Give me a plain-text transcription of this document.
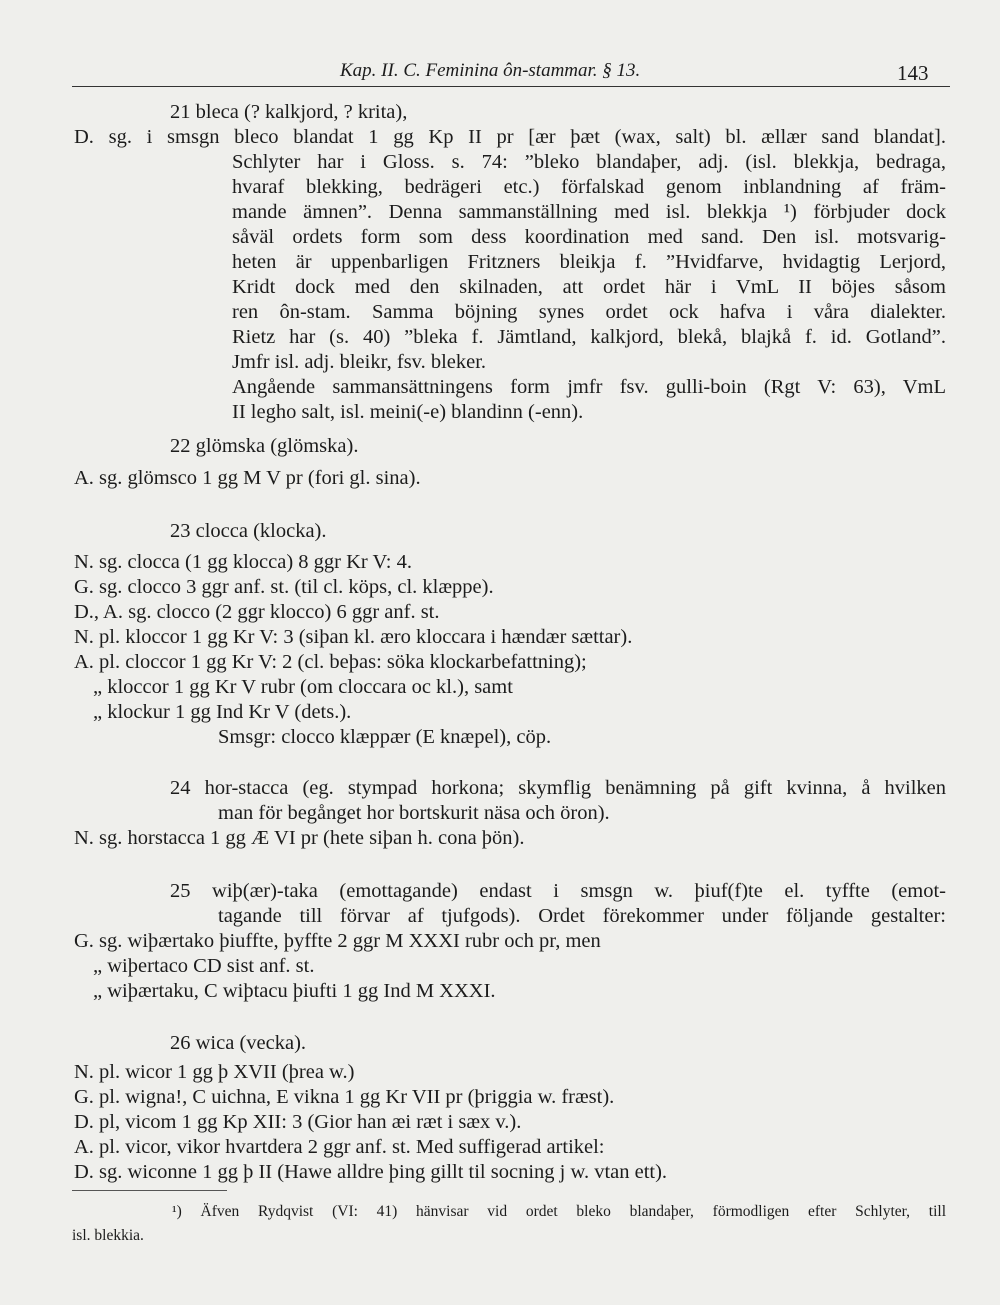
Kap. II. C. Feminina ôn-stammar. § 13.	143
21 bleca (? kalkjord, ? krita),
D. sg. i smsgn bleco blandat 1 gg Kp II pr [ær þæt (wax, salt) bl. ællær sand blandat].
Schlyter har i Gloss. s. 74: ”bleko blandaþer, adj. (isl. blekkja, bedraga,
hvaraf blekking, bedrägeri etc.) förfalskad genom inblandning af främ-
mande ämnen”. Denna sammanställning med isl. blekkja ¹) förbjuder dock
såväl ordets form som dess koordination med sand. Den isl. motsvarig-
heten är uppenbarligen Fritzners bleikja f. ”Hvidfarve, hvidagtig Lerjord,
Kridt dock med den skilnaden, att ordet här i VmL II böjes såsom
ren ôn-stam. Samma böjning synes ordet ock hafva i våra dialekter.
Rietz har (s. 40) ”bleka f. Jämtland, kalkjord, blekå, blajkå f. id. Gotland”.
Jmfr isl. adj. bleikr, fsv. bleker.
Angående sammansättningens form jmfr fsv. gulli-boin (Rgt V: 63), VmL
II legho salt, isl. meini(-e) blandinn (-enn).
22 glömska (glömska).
A. sg. glömsco 1 gg M V pr (fori gl. sina).
23 clocca (klocka).
N. sg. clocca (1 gg klocca) 8 ggr Kr V: 4.
G. sg. clocco 3 ggr anf. st. (til cl. köps, cl. klæppe).
D., A. sg. clocco (2 ggr klocco) 6 ggr anf. st.
N. pl. kloccor 1 gg Kr V: 3 (siþan kl. æro kloccara i hændær sættar).
A. pl. cloccor 1 gg Kr V: 2 (cl. beþas: söka klockarbefattning);
„ kloccor 1 gg Kr V rubr (om cloccara oc kl.), samt
„ klockur 1 gg Ind Kr V (dets.).
Smsgr: clocco klæppær (E knæpel), cöp.
24 hor-stacca (eg. stympad horkona; skymflig benämning på gift kvinna, å hvilken
man för begånget hor bortskurit näsa och öron).
N. sg. horstacca 1 gg Æ VI pr (hete siþan h. cona þön).
25 wiþ(ær)-taka (emottagande) endast i smsgn w. þiuf(f)te el. tyffte (emot-
tagande till förvar af tjufgods). Ordet förekommer under följande gestalter:
G. sg. wiþærtako þiuffte, þyffte 2 ggr M XXXI rubr och pr, men
„ wiþertaco CD sist anf. st.
„ wiþærtaku, C wiþtacu þiufti 1 gg Ind M XXXI.
26 wica (vecka).
N. pl. wicor 1 gg þ XVII (þrea w.)
G. pl. wigna!, C uichna, E vikna 1 gg Kr VII pr (þriggia w. fræst).
D. pl, vicom 1 gg Kp XII: 3 (Gior han æi ræt i sæx v.).
A. pl. vicor, vikor hvartdera 2 ggr anf. st. Med suffigerad artikel:
D. sg. wiconne 1 gg þ II (Hawe alldre þing gillt til socning j w. vtan ett).
¹) Äfven Rydqvist (VI: 41) hänvisar vid ordet bleko blandaþer, förmodligen efter Schlyter, till
isl. blekkia.
